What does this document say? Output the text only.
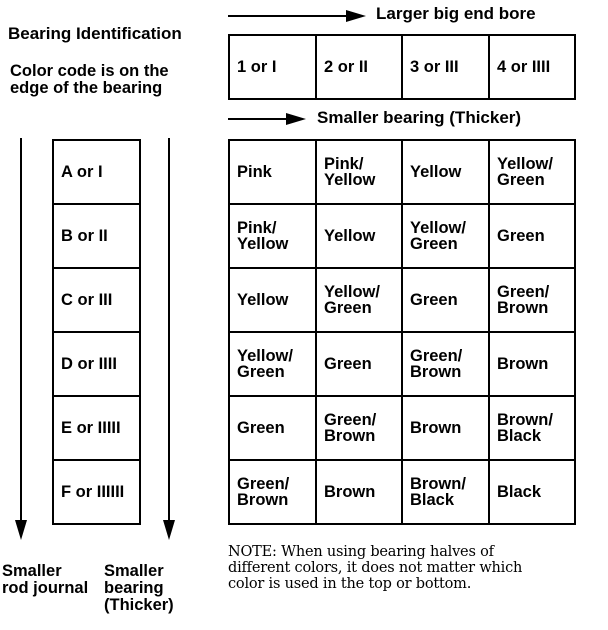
Bearing Identification
Color code is on the edge of the bearing
Larger big end bore
1 or I	2 or II	3 or III	4 or IIII
Smaller bearing (Thicker)
A or I
B or II
C or III
D or IIII
E or IIIII
F or IIIIII
Pink	Pink/ Yellow	Yellow	Yellow/ Green
Pink/ Yellow	Yellow	Yellow/ Green	Green
Yellow	Yellow/ Green	Green	Green/ Brown
Yellow/ Green	Green	Green/ Brown	Brown
Green	Green/ Brown	Brown	Brown/ Black
Green/ Brown	Brown	Brown/ Black	Black
Smaller rod journal
Smaller bearing (Thicker)
NOTE: When using bearing halves of different colors, it does not matter which color is used in the top or bottom.
